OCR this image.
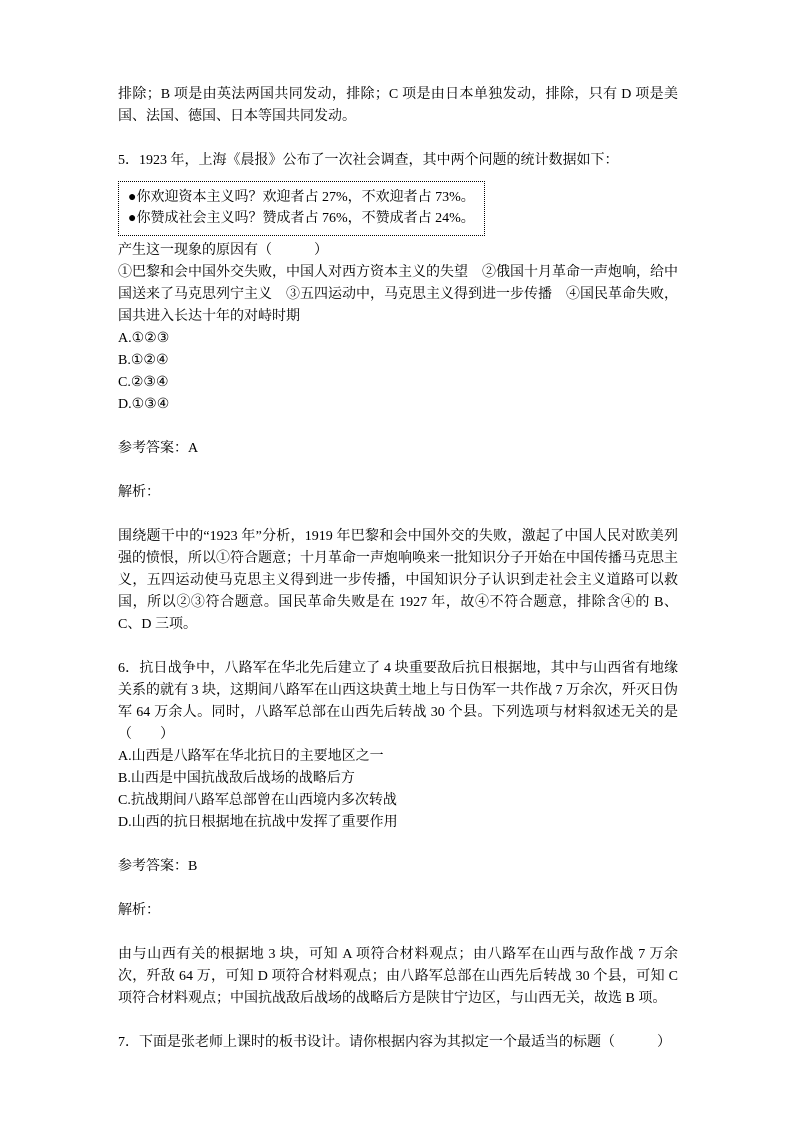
排除；B 项是由英法两国共同发动，排除；C 项是由日本单独发动，排除，只有 D 项是美国、法国、德国、日本等国共同发动。

5．1923 年，上海《晨报》公布了一次社会调查，其中两个问题的统计数据如下：

●你欢迎资本主义吗？欢迎者占 27%，不欢迎者占 73%。

●你赞成社会主义吗？赞成者占 76%，不赞成者占 24%。

产生这一现象的原因有（　　　）

①巴黎和会中国外交失败，中国人对西方资本主义的失望　②俄国十月革命一声炮响，给中国送来了马克思列宁主义　③五四运动中，马克思主义得到进一步传播　④国民革命失败，国共进入长达十年的对峙时期

A.①②③

B.①②④

C.②③④

D.①③④

参考答案：A

解析：

围绕题干中的“1923 年”分析，1919 年巴黎和会中国外交的失败，激起了中国人民对欧美列强的愤恨，所以①符合题意；十月革命一声炮响唤来一批知识分子开始在中国传播马克思主义，五四运动使马克思主义得到进一步传播，中国知识分子认识到走社会主义道路可以救国，所以②③符合题意。国民革命失败是在 1927 年，故④不符合题意，排除含④的 B、C、D 三项。

6．抗日战争中，八路军在华北先后建立了 4 块重要敌后抗日根据地，其中与山西省有地缘关系的就有 3 块，这期间八路军在山西这块黄土地上与日伪军一共作战 7 万余次，歼灭日伪军 64 万余人。同时，八路军总部在山西先后转战 30 个县。下列选项与材料叙述无关的是（　　）

A.山西是八路军在华北抗日的主要地区之一

B.山西是中国抗战敌后战场的战略后方

C.抗战期间八路军总部曾在山西境内多次转战

D.山西的抗日根据地在抗战中发挥了重要作用

参考答案：B

解析：

由与山西有关的根据地 3 块，可知 A 项符合材料观点；由八路军在山西与敌作战 7 万余次，歼敌 64 万，可知 D 项符合材料观点；由八路军总部在山西先后转战 30 个县，可知 C 项符合材料观点；中国抗战敌后战场的战略后方是陕甘宁边区，与山西无关，故选 B 项。

7．下面是张老师上课时的板书设计。请你根据内容为其拟定一个最适当的标题（　　　）
